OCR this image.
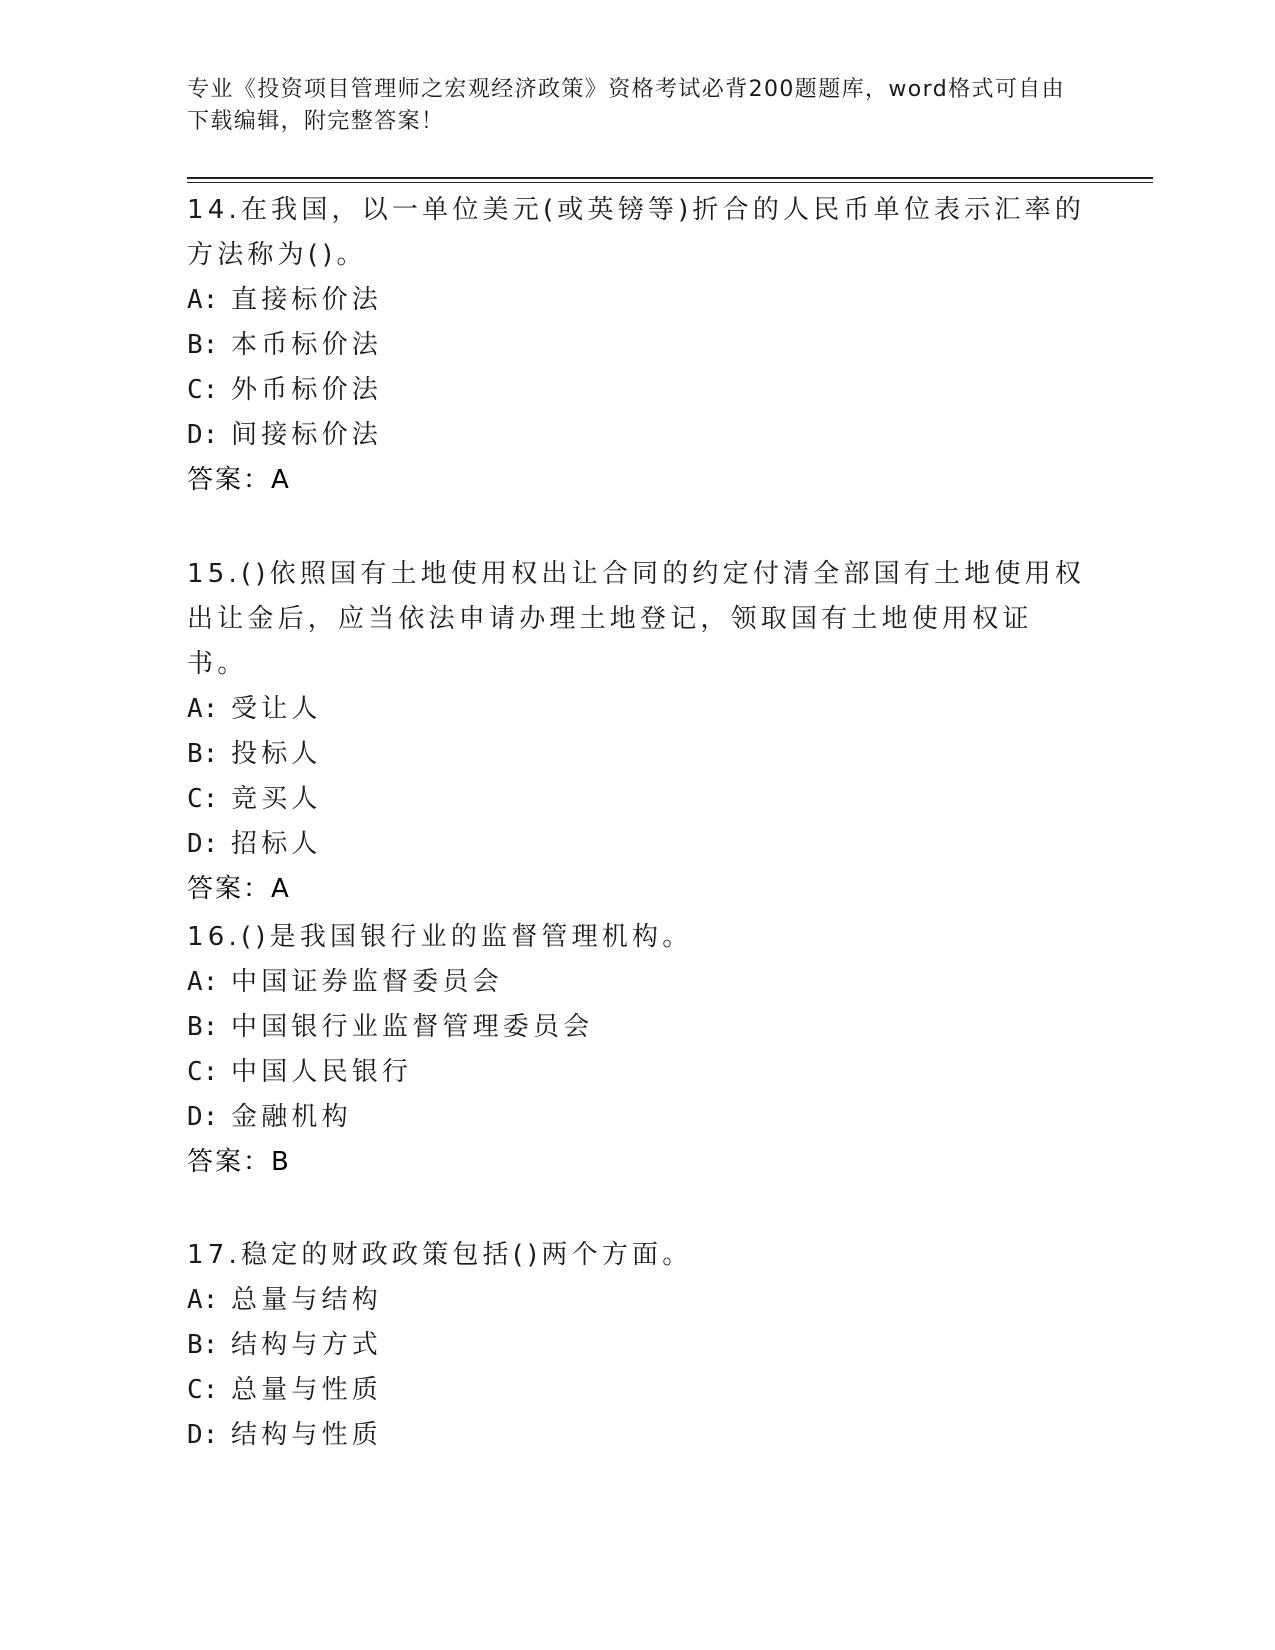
专业《投资项目管理师之宏观经济政策》资格考试必背200题题库，word格式可自由下载编辑，附完整答案！

14.在我国，以一单位美元(或英镑等)折合的人民币单位表示汇率的方法称为()。

A: 直接标价法
B: 本币标价法
C: 外币标价法
D: 间接标价法
答案：A

15.()依照国有土地使用权出让合同的约定付清全部国有土地使用权出让金后，应当依法申请办理土地登记，领取国有土地使用权证书。

A: 受让人
B: 投标人
C: 竞买人
D: 招标人
答案：A

16.()是我国银行业的监督管理机构。

A: 中国证券监督委员会
B: 中国银行业监督管理委员会
C: 中国人民银行
D: 金融机构
答案：B

17.稳定的财政政策包括()两个方面。

A: 总量与结构
B: 结构与方式
C: 总量与性质
D: 结构与性质
